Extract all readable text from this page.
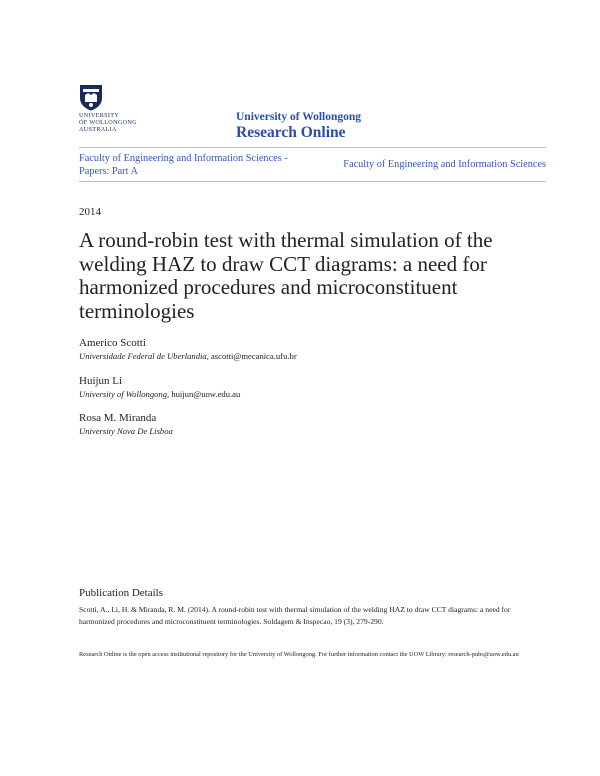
UNIVERSITY
OF WOLLONGONG
AUSTRALIA
University of Wollongong
Research Online
Faculty of Engineering and Information Sciences - Papers: Part A
Faculty of Engineering and Information Sciences
2014
A round-robin test with thermal simulation of the welding HAZ to draw CCT diagrams: a need for harmonized procedures and microconstituent terminologies
Americo Scotti
Universidade Federal de Uberlandia, ascotti@mecanica.ufu.br
Huijun Li
University of Wollongong, huijun@uow.edu.au
Rosa M. Miranda
University Nova De Lisboa
Publication Details
Scotti, A., Li, H. & Miranda, R. M. (2014). A round-robin test with thermal simulation of the welding HAZ to draw CCT diagrams: a need for harmonized procedures and microconstituent terminologies. Soldagem & Inspecao, 19 (3), 279-290.
Research Online is the open access institutional repository for the University of Wollongong. For further information contact the UOW Library: research-pubs@uow.edu.au
